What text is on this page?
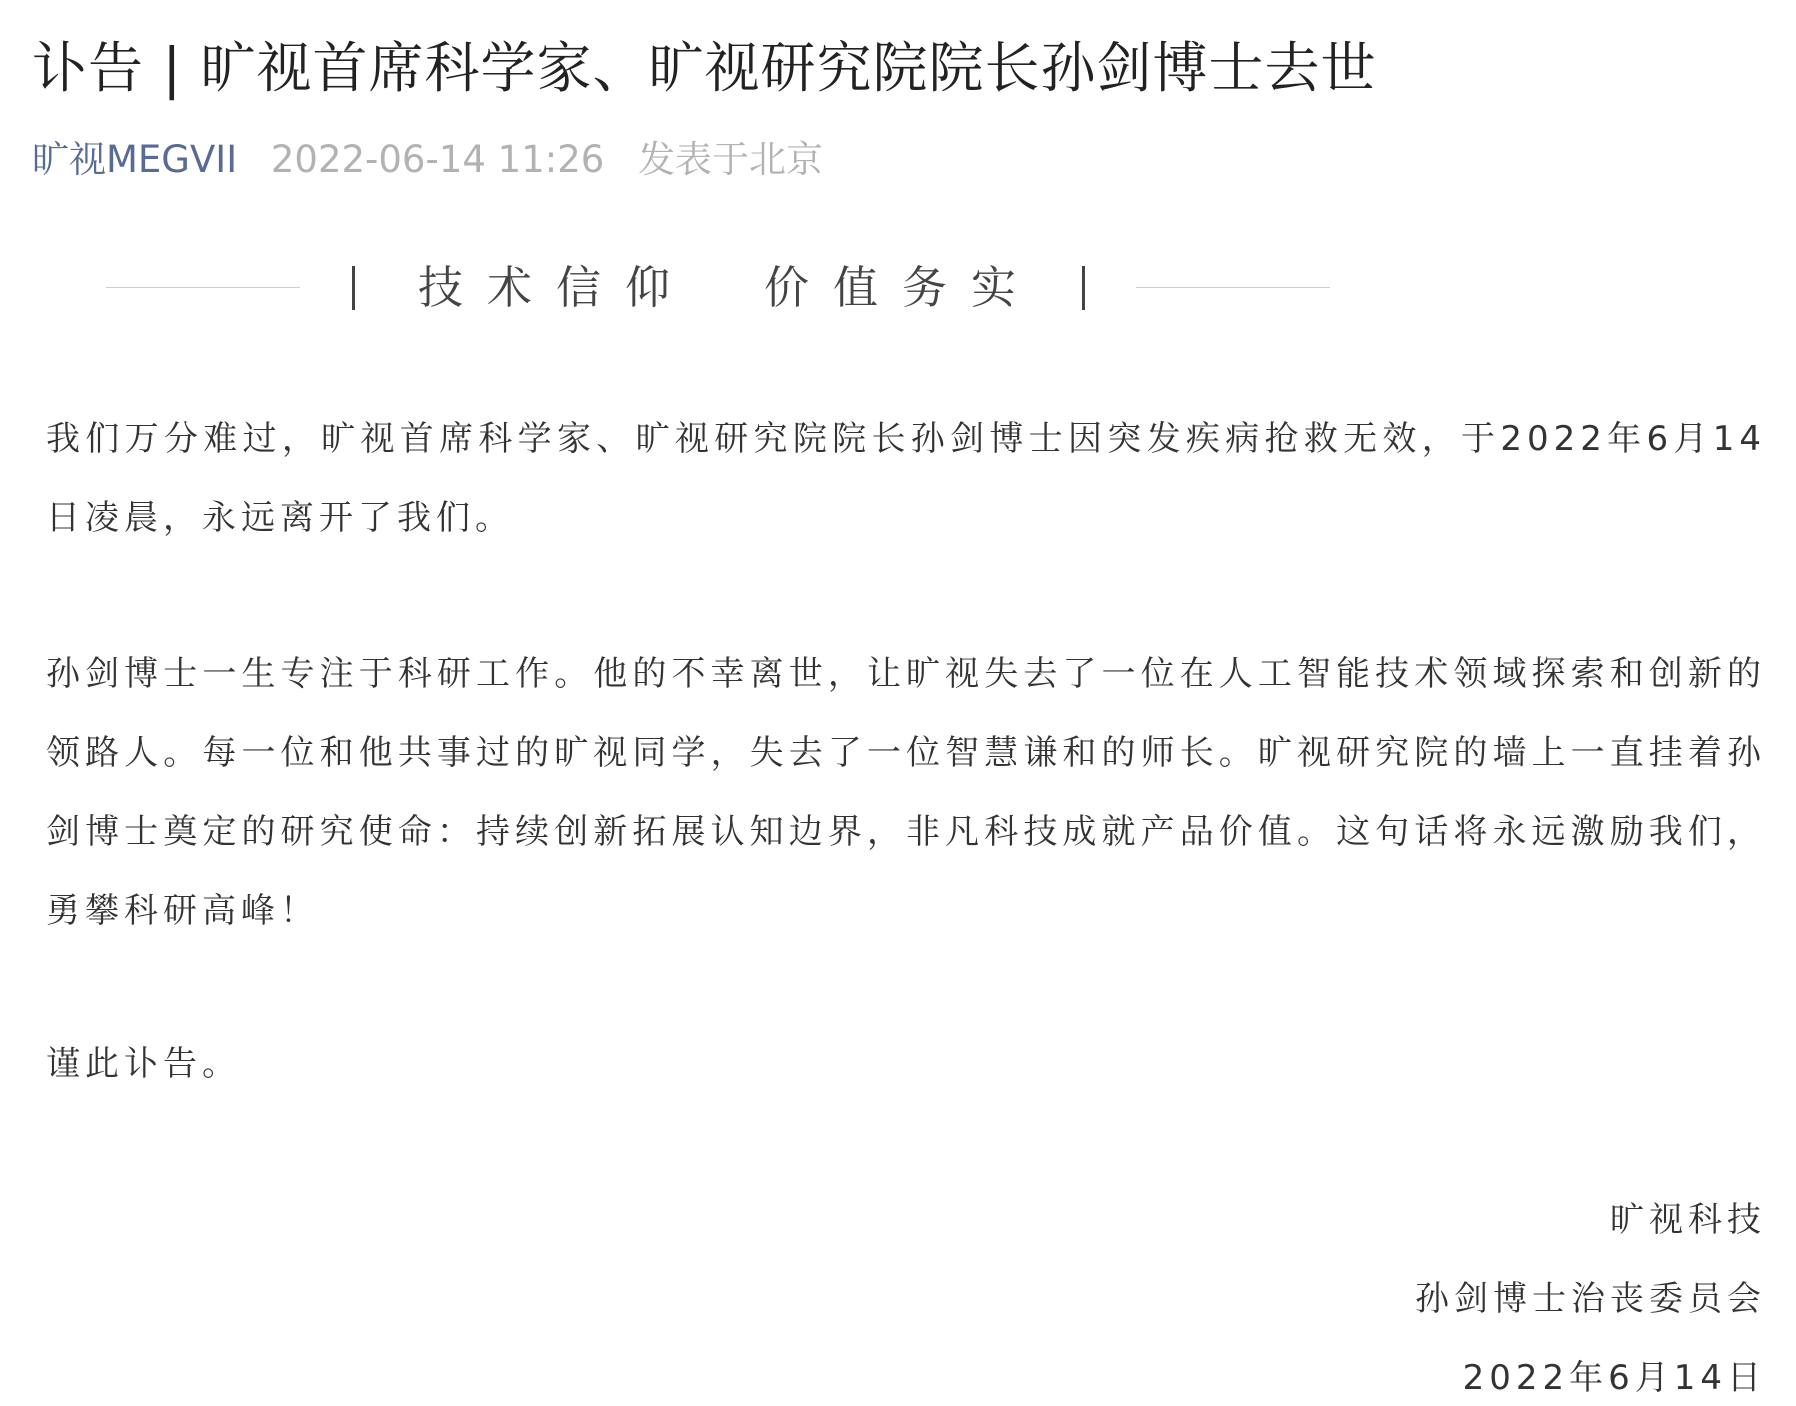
讣告 | 旷视首席科学家、旷视研究院院长孙剑博士去世
旷视MEGVII 2022-06-14 11:26 发表于北京
技术信仰 价值务实

我们万分难过，旷视首席科学家、旷视研究院院长孙剑博士因突发疾病抢救无效，于2022年6月14日凌晨，永远离开了我们。

孙剑博士一生专注于科研工作。他的不幸离世，让旷视失去了一位在人工智能技术领域探索和创新的领路人。每一位和他共事过的旷视同学，失去了一位智慧谦和的师长。旷视研究院的墙上一直挂着孙剑博士奠定的研究使命：持续创新拓展认知边界，非凡科技成就产品价值。这句话将永远激励我们，勇攀科研高峰！

谨此讣告。

旷视科技

孙剑博士治丧委员会

2022年6月14日
